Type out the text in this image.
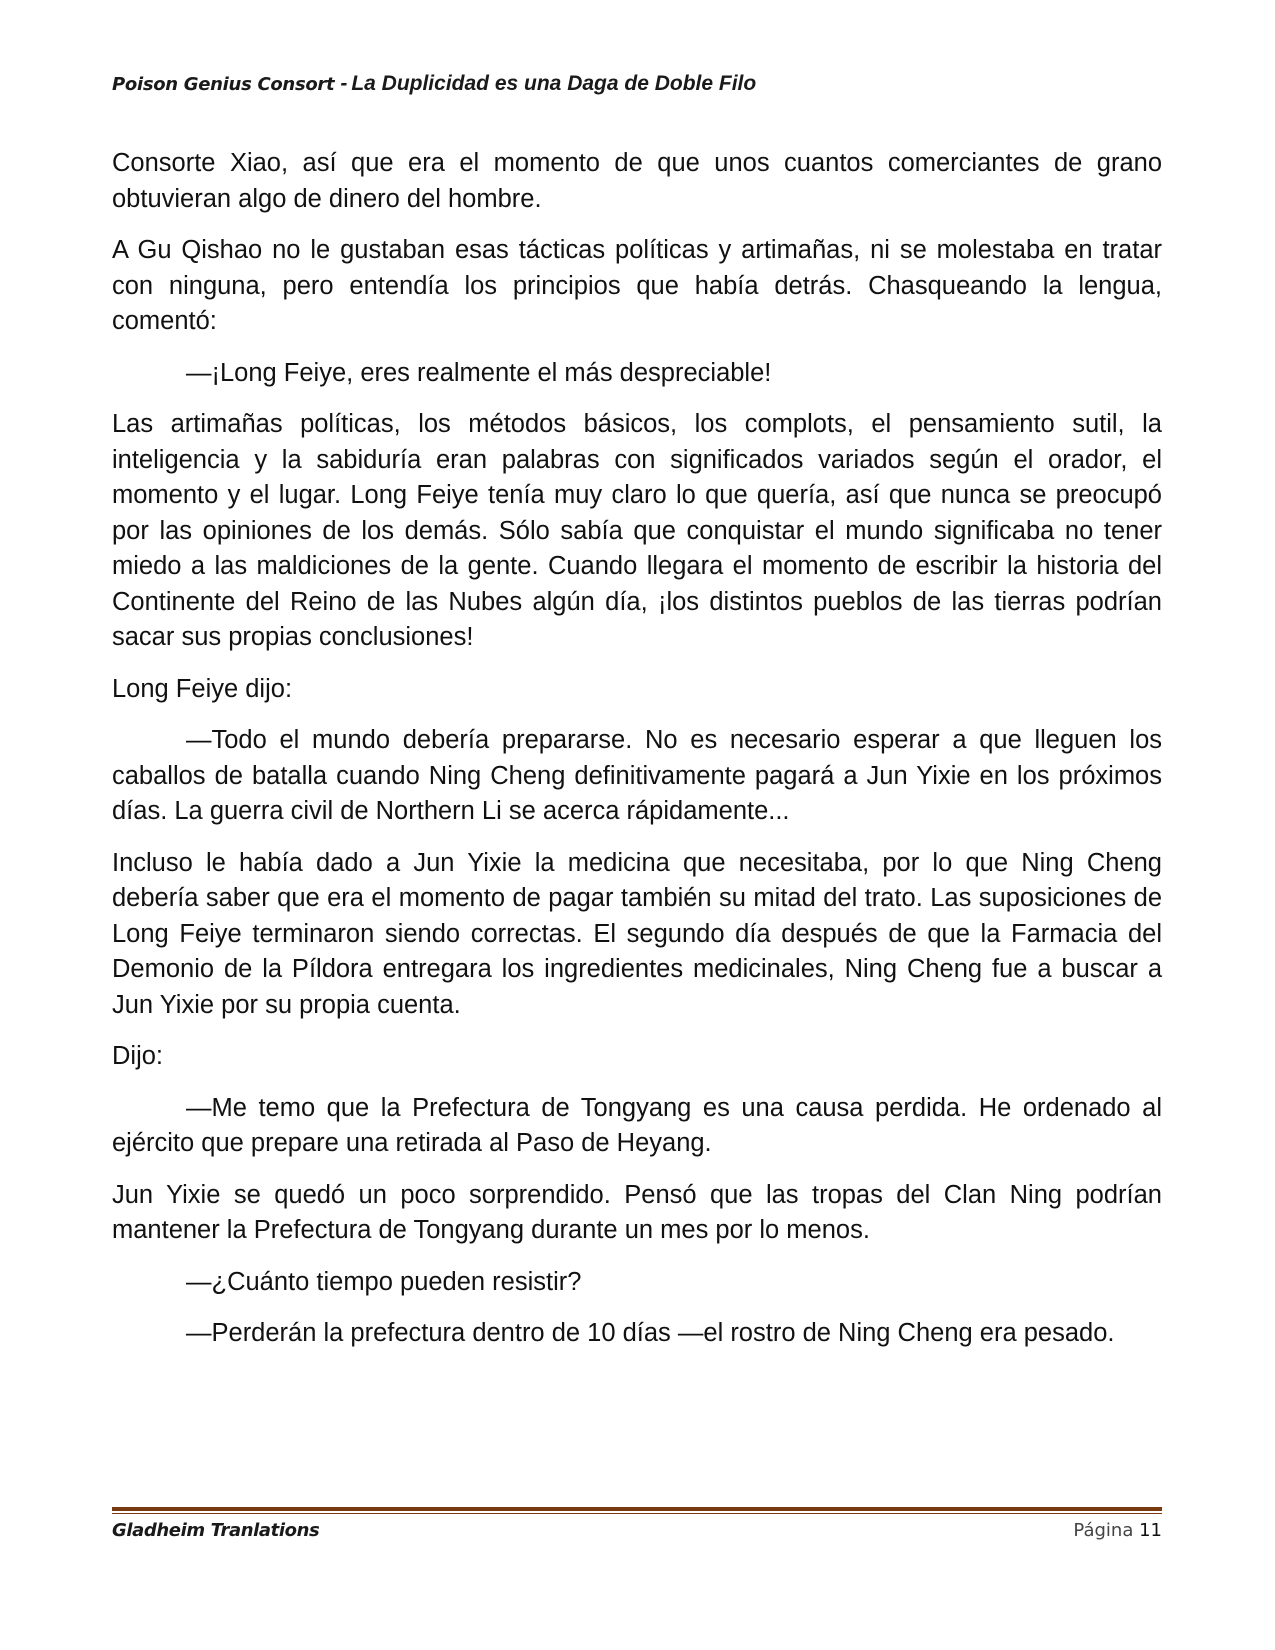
Poison Genius Consort - La Duplicidad es una Daga de Doble Filo

Consorte Xiao, así que era el momento de que unos cuantos comerciantes de grano obtuvieran algo de dinero del hombre.

A Gu Qishao no le gustaban esas tácticas políticas y artimañas, ni se molestaba en tratar con ninguna, pero entendía los principios que había detrás. Chasqueando la lengua, comentó:

—¡Long Feiye, eres realmente el más despreciable!

Las artimañas políticas, los métodos básicos, los complots, el pensamiento sutil, la inteligencia y la sabiduría eran palabras con significados variados según el orador, el momento y el lugar. Long Feiye tenía muy claro lo que quería, así que nunca se preocupó por las opiniones de los demás. Sólo sabía que conquistar el mundo significaba no tener miedo a las maldiciones de la gente. Cuando llegara el momento de escribir la historia del Continente del Reino de las Nubes algún día, ¡los distintos pueblos de las tierras podrían sacar sus propias conclusiones!

Long Feiye dijo:

—Todo el mundo debería prepararse. No es necesario esperar a que lleguen los caballos de batalla cuando Ning Cheng definitivamente pagará a Jun Yixie en los próximos días. La guerra civil de Northern Li se acerca rápidamente...

Incluso le había dado a Jun Yixie la medicina que necesitaba, por lo que Ning Cheng debería saber que era el momento de pagar también su mitad del trato. Las suposiciones de Long Feiye terminaron siendo correctas. El segundo día después de que la Farmacia del Demonio de la Píldora entregara los ingredientes medicinales, Ning Cheng fue a buscar a Jun Yixie por su propia cuenta.

Dijo:

—Me temo que la Prefectura de Tongyang es una causa perdida. He ordenado al ejército que prepare una retirada al Paso de Heyang.

Jun Yixie se quedó un poco sorprendido. Pensó que las tropas del Clan Ning podrían mantener la Prefectura de Tongyang durante un mes por lo menos.

—¿Cuánto tiempo pueden resistir?

—Perderán la prefectura dentro de 10 días —el rostro de Ning Cheng era pesado.

Gladheim Tranlations	Página 11
